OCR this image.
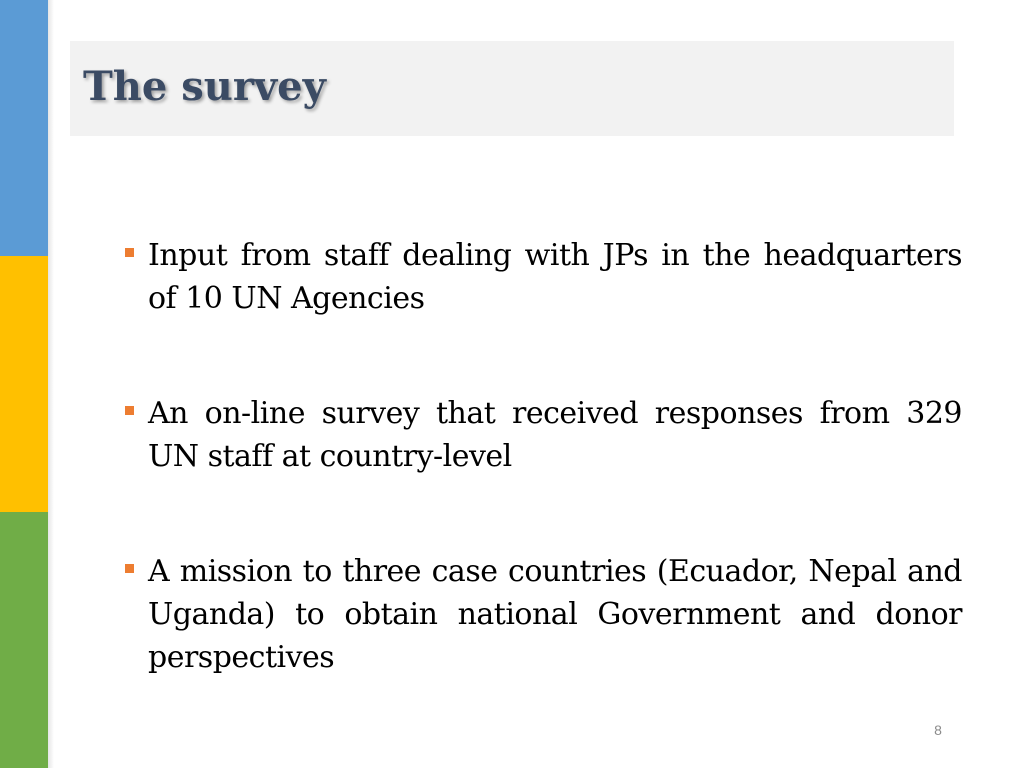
The survey
Input from staff dealing with JPs in the headquarters of 10 UN Agencies
An on-line survey that received responses from 329 UN staff at country-level
A mission to three case countries (Ecuador, Nepal and Uganda) to obtain national Government and donor perspectives
8
